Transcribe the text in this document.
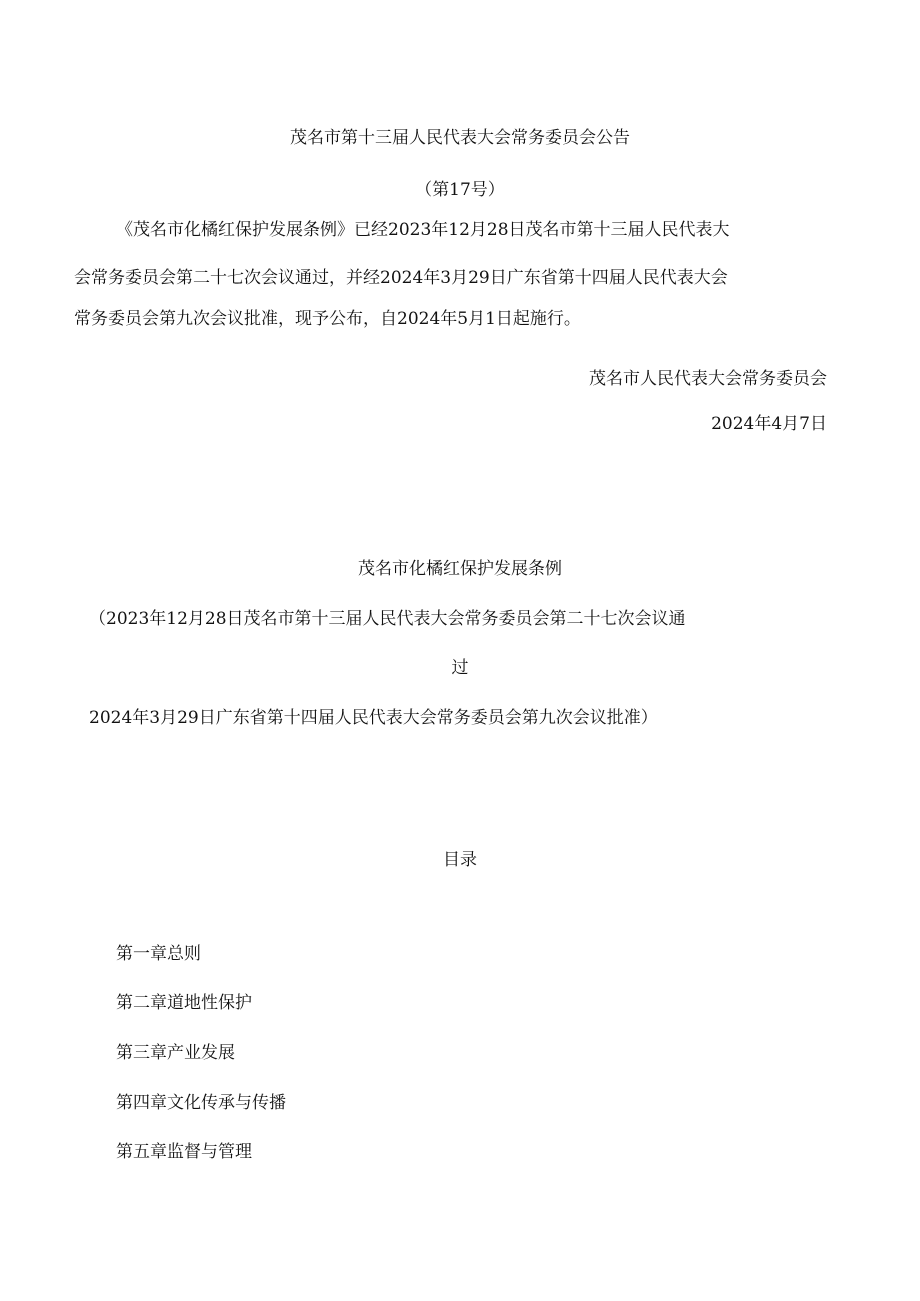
茂名市第十三届人民代表大会常务委员会公告
（第17号）
《茂名市化橘红保护发展条例》已经2023年12月28日茂名市第十三届人民代表大
会常务委员会第二十七次会议通过，并经2024年3月29日广东省第十四届人民代表大会
常务委员会第九次会议批准，现予公布，自2024年5月1日起施行。
茂名市人民代表大会常务委员会
2024年4月7日
茂名市化橘红保护发展条例
（2023年12月28日茂名市第十三届人民代表大会常务委员会第二十七次会议通
过
2024年3月29日广东省第十四届人民代表大会常务委员会第九次会议批准）
目录
第一章总则
第二章道地性保护
第三章产业发展
第四章文化传承与传播
第五章监督与管理
